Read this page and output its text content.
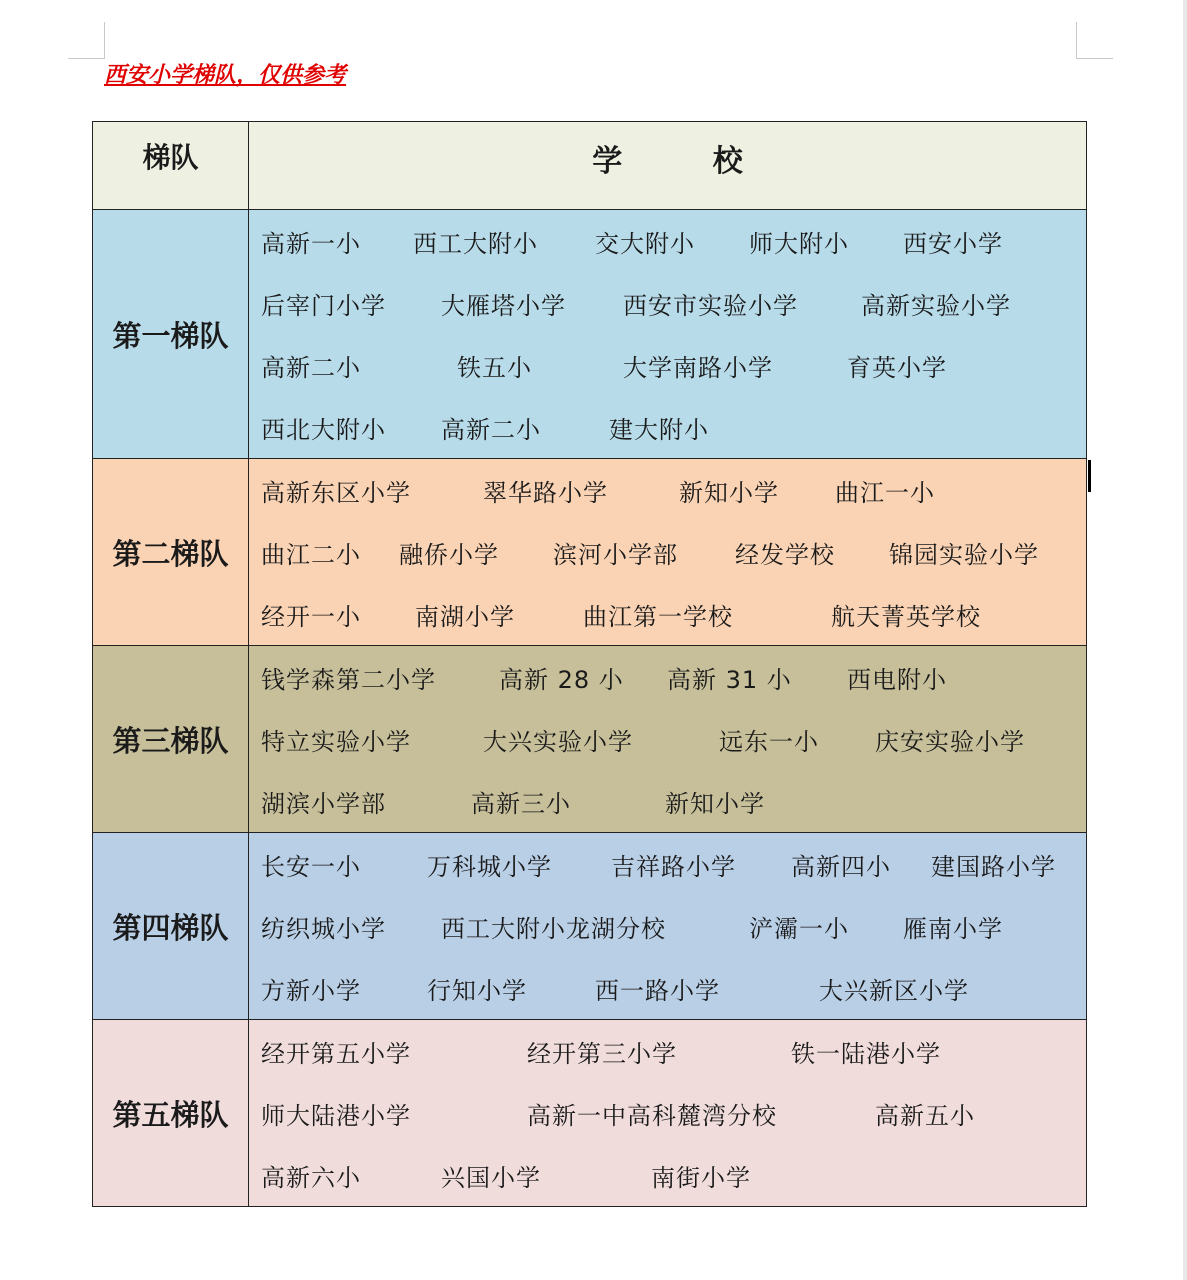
西安小学梯队，仅供参考
梯队	学 校
第一梯队	
高新一小 西工大附小 交大附小 师大附小 西安小学
后宰门小学 大雁塔小学 西安市实验小学	高新实验小学
高新二小	铁五小	大学南路小学	育英小学
西北大附小 高新二小	建大附小

第二梯队	
高新东区小学	翠华路小学	新知小学 曲江一小
曲江二小 融侨小学 滨河小学部 经发学校 锦园实验小学
经开一小 南湖小学	曲江第一学校	航天菁英学校

第三梯队	
钱学森第二小学	高新 28 小 高新 31 小 西电附小
特立实验小学	大兴实验小学	远东一小 庆安实验小学
湖滨小学部	高新三小	新知小学

第四梯队	
长安一小	万科城小学 吉祥路小学 高新四小 建国路小学
纺织城小学 西工大附小龙湖分校	浐灞一小 雁南小学
方新小学	行知小学	西一路小学	大兴新区小学

第五梯队	
经开第五小学	经开第三小学	铁一陆港小学
师大陆港小学	高新一中高科麓湾分校	高新五小
高新六小	兴国小学	南街小学
